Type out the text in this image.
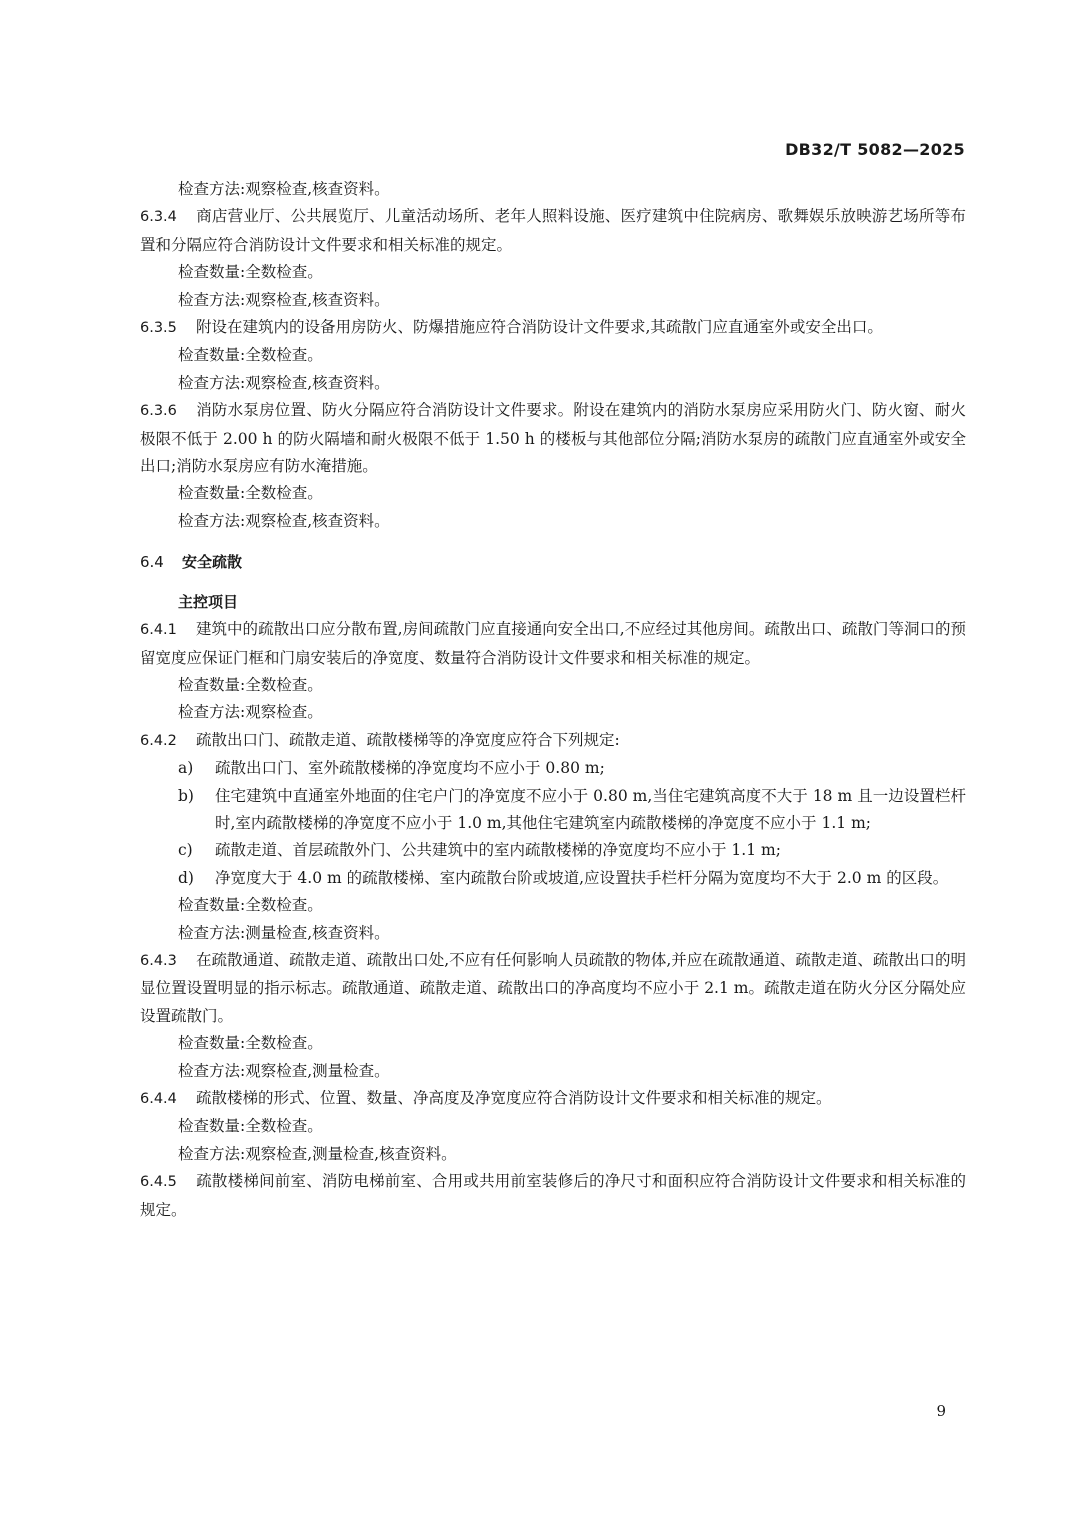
DB32/T 5082—2025

检查方法:观察检查,核查资料。

6.3.4 商店营业厅、公共展览厅、儿童活动场所、老年人照料设施、医疗建筑中住院病房、歌舞娱乐放映游艺场所等布置和分隔应符合消防设计文件要求和相关标准的规定。

检查数量:全数检查。

检查方法:观察检查,核查资料。

6.3.5 附设在建筑内的设备用房防火、防爆措施应符合消防设计文件要求,其疏散门应直通室外或安全出口。

检查数量:全数检查。

检查方法:观察检查,核查资料。

6.3.6 消防水泵房位置、防火分隔应符合消防设计文件要求。附设在建筑内的消防水泵房应采用防火门、防火窗、耐火极限不低于 2.00 h 的防火隔墙和耐火极限不低于 1.50 h 的楼板与其他部位分隔;消防水泵房的疏散门应直通室外或安全出口;消防水泵房应有防水淹措施。

检查数量:全数检查。

检查方法:观察检查,核查资料。

6.4 安全疏散

主控项目

6.4.1 建筑中的疏散出口应分散布置,房间疏散门应直接通向安全出口,不应经过其他房间。疏散出口、疏散门等洞口的预留宽度应保证门框和门扇安装后的净宽度、数量符合消防设计文件要求和相关标准的规定。

检查数量:全数检查。

检查方法:观察检查。

6.4.2 疏散出口门、疏散走道、疏散楼梯等的净宽度应符合下列规定:

a) 疏散出口门、室外疏散楼梯的净宽度均不应小于 0.80 m;

b) 住宅建筑中直通室外地面的住宅户门的净宽度不应小于 0.80 m,当住宅建筑高度不大于 18 m 且一边设置栏杆时,室内疏散楼梯的净宽度不应小于 1.0 m,其他住宅建筑室内疏散楼梯的净宽度不应小于 1.1 m;

c) 疏散走道、首层疏散外门、公共建筑中的室内疏散楼梯的净宽度均不应小于 1.1 m;

d) 净宽度大于 4.0 m 的疏散楼梯、室内疏散台阶或坡道,应设置扶手栏杆分隔为宽度均不大于 2.0 m 的区段。

检查数量:全数检查。

检查方法:测量检查,核查资料。

6.4.3 在疏散通道、疏散走道、疏散出口处,不应有任何影响人员疏散的物体,并应在疏散通道、疏散走道、疏散出口的明显位置设置明显的指示标志。疏散通道、疏散走道、疏散出口的净高度均不应小于 2.1 m。疏散走道在防火分区分隔处应设置疏散门。

检查数量:全数检查。

检查方法:观察检查,测量检查。

6.4.4 疏散楼梯的形式、位置、数量、净高度及净宽度应符合消防设计文件要求和相关标准的规定。

检查数量:全数检查。

检查方法:观察检查,测量检查,核查资料。

6.4.5 疏散楼梯间前室、消防电梯前室、合用或共用前室装修后的净尺寸和面积应符合消防设计文件要求和相关标准的规定。

9
